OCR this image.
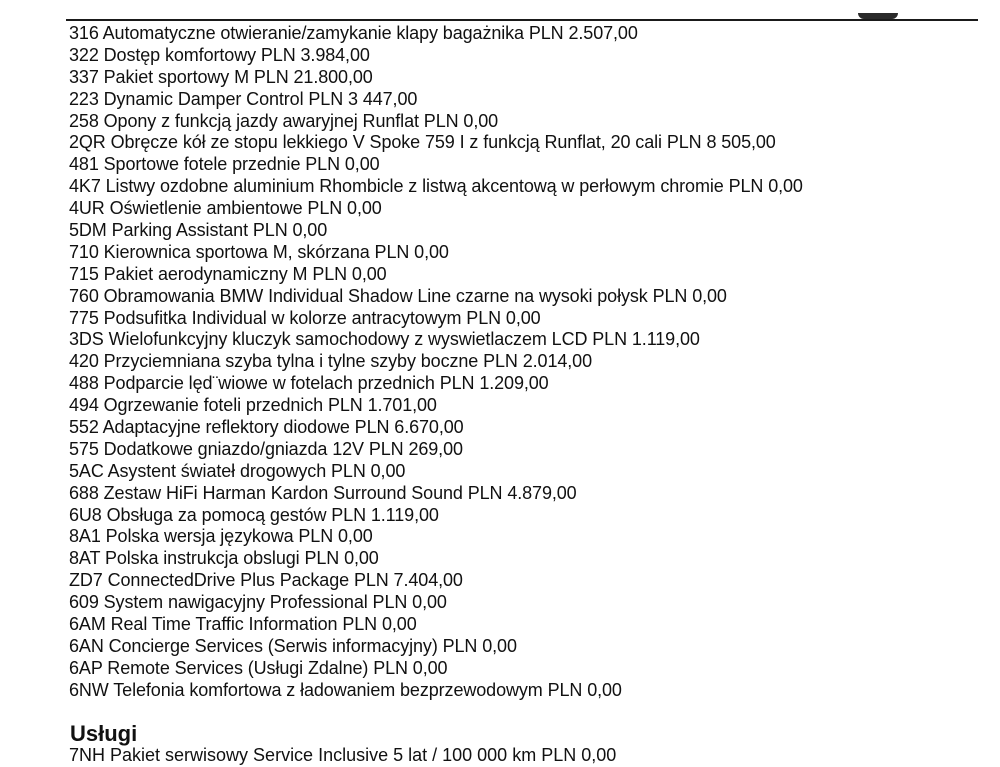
316 Automatyczne otwieranie/zamykanie klapy bagażnika PLN 2.507,00
322 Dostęp komfortowy PLN 3.984,00
337 Pakiet sportowy M PLN 21.800,00
223 Dynamic Damper Control PLN 3 447,00
258 Opony z funkcją jazdy awaryjnej Runflat PLN 0,00
2QR Obręcze kół ze stopu lekkiego V Spoke 759 I z funkcją Runflat, 20 cali PLN 8 505,00
481 Sportowe fotele przednie PLN 0,00
4K7 Listwy ozdobne aluminium Rhombicle z listwą akcentową w perłowym chromie PLN 0,00
4UR Oświetlenie ambientowe PLN 0,00
5DM Parking Assistant PLN 0,00
710 Kierownica sportowa M, skórzana PLN 0,00
715 Pakiet aerodynamiczny M PLN 0,00
760 Obramowania BMW Individual Shadow Line czarne na wysoki połysk PLN 0,00
775 Podsufitka Individual w kolorze antracytowym PLN 0,00
3DS Wielofunkcyjny kluczyk samochodowy z wyswietlaczem LCD PLN 1.119,00
420 Przyciemniana szyba tylna i tylne szyby boczne PLN 2.014,00
488 Podparcie lęd¨wiowe w fotelach przednich PLN 1.209,00
494 Ogrzewanie foteli przednich PLN 1.701,00
552 Adaptacyjne reflektory diodowe PLN 6.670,00
575 Dodatkowe gniazdo/gniazda 12V PLN 269,00
5AC Asystent świateł drogowych PLN 0,00
688 Zestaw HiFi Harman Kardon Surround Sound PLN 4.879,00
6U8 Obsługa za pomocą gestów PLN 1.119,00
8A1 Polska wersja językowa PLN 0,00
8AT Polska instrukcja obslugi PLN 0,00
ZD7 ConnectedDrive Plus Package PLN 7.404,00
609 System nawigacyjny Professional PLN 0,00
6AM Real Time Traffic Information PLN 0,00
6AN Concierge Services (Serwis informacyjny) PLN 0,00
6AP Remote Services (Usługi Zdalne) PLN 0,00
6NW Telefonia komfortowa z ładowaniem bezprzewodowym PLN 0,00
Usługi
7NH Pakiet serwisowy Service Inclusive 5 lat / 100 000 km PLN 0,00
